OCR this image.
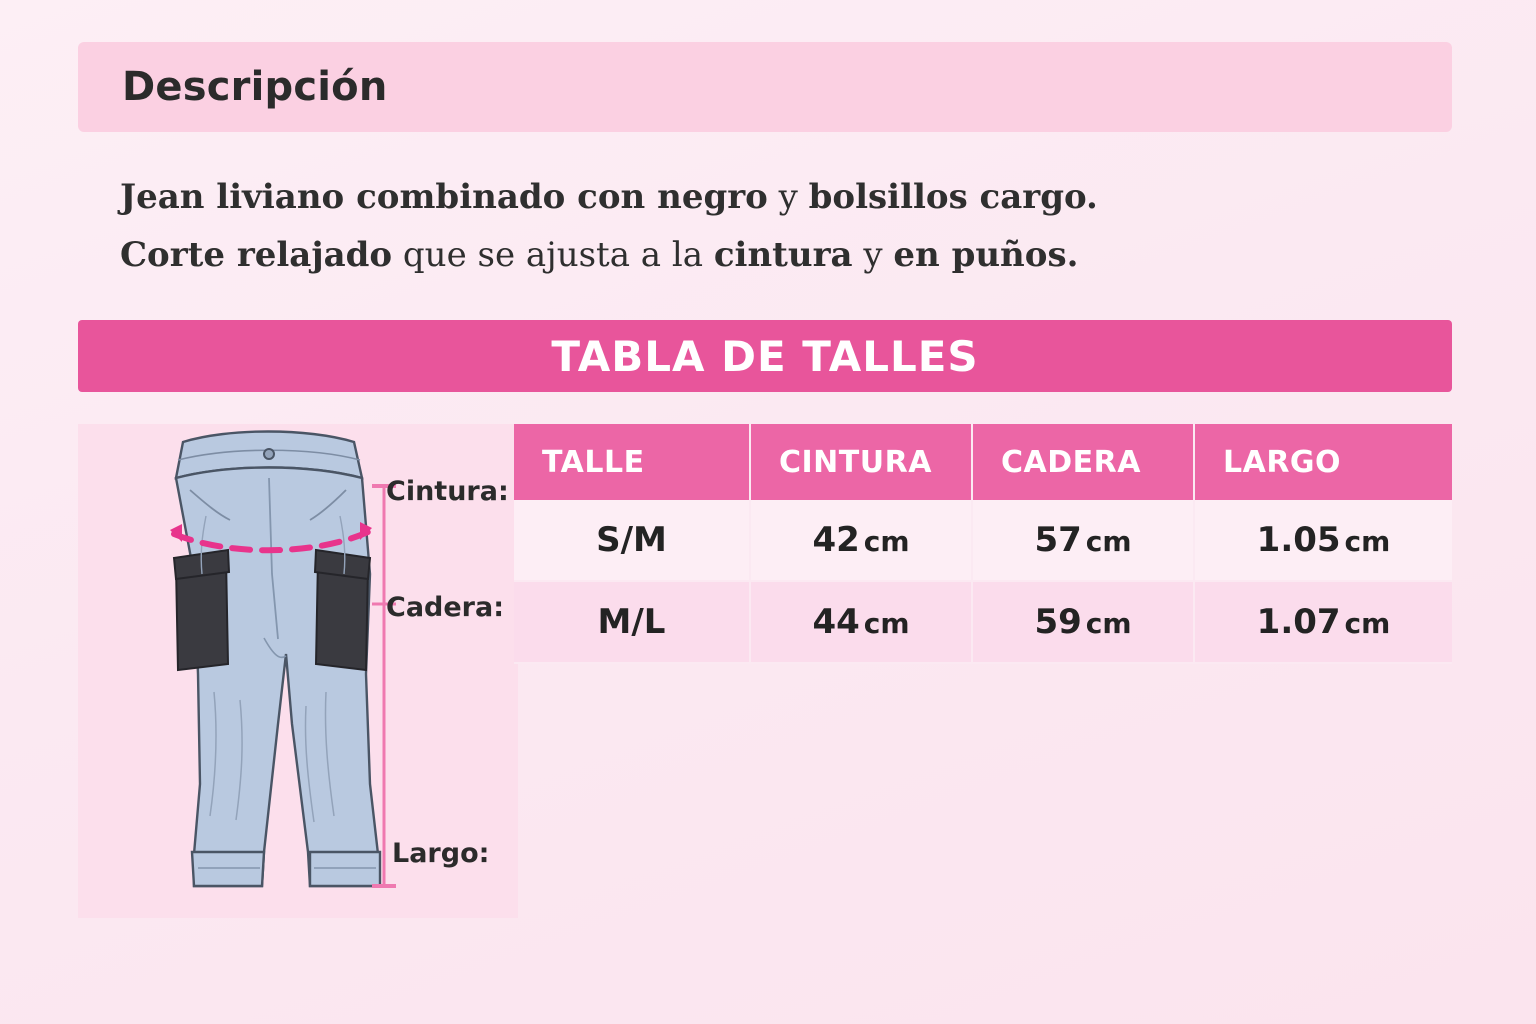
Descripción
Jean liviano combinado con negro y bolsillos cargo.
Corte relajado que se ajusta a la cintura y en puños.
TABLA DE TALLES
Cintura:
Cadera:
Largo:
TALLE	CINTURA	CADERA	LARGO
S/M	42 cm	57 cm	1.05 cm
M/L	44 cm	59 cm	1.07 cm
